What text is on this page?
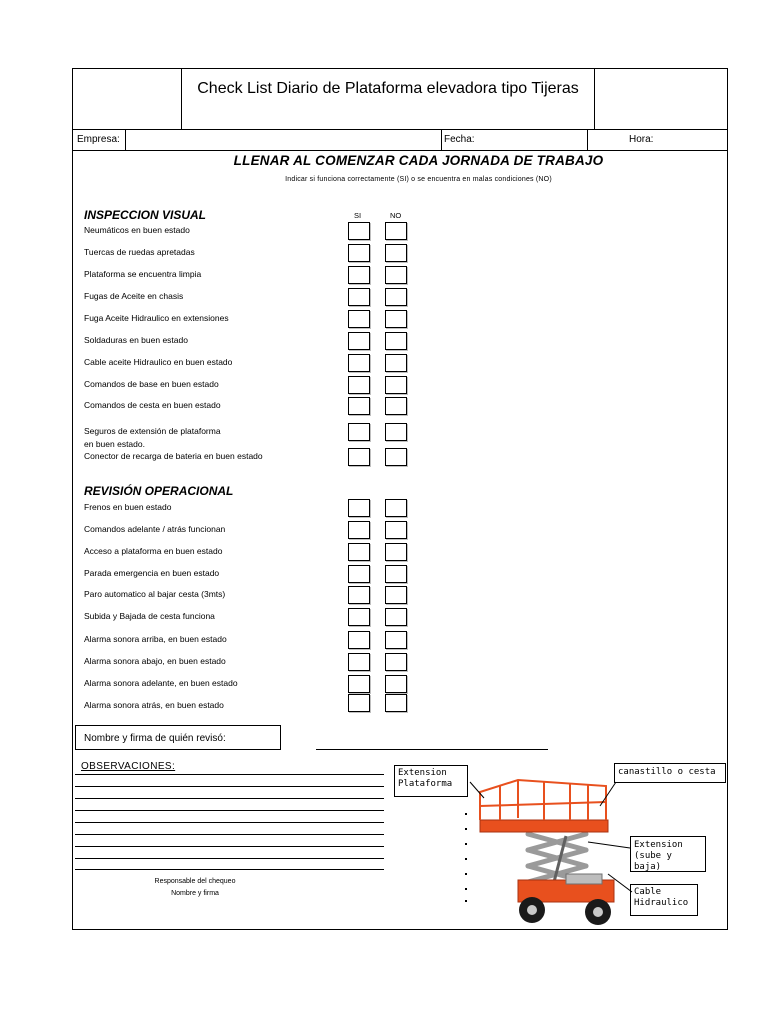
Check List Diario de Plataforma elevadora tipo Tijeras
Empresa:	Fecha:	Hora:
LLENAR AL COMENZAR CADA JORNADA DE TRABAJO
Indicar si funciona correctamente (SI) o se encuentra en malas condiciones (NO)
INSPECCION VISUAL	SI	NO
Neumáticos en buen estado
Tuercas de ruedas apretadas
Plataforma se encuentra limpia
Fugas de Aceite en chasis
Fuga Aceite Hidraulico en extensiones
Soldaduras en buen estado
Cable aceite Hidraulico en buen estado
Comandos de base en buen estado
Comandos de cesta en buen estado
Seguros de extensión de plataforma
en buen estado.
Conector de recarga de bateria en buen estado
REVISIÓN OPERACIONAL
Frenos en buen estado
Comandos adelante / atrás funcionan
Acceso a plataforma en buen estado
Parada emergencia en buen estado
Paro automatico al bajar cesta (3mts)
Subida y Bajada de cesta funciona
Alarma sonora arriba, en buen estado
Alarma sonora abajo, en buen estado
Alarma sonora adelante, en buen estado
Alarma sonora atrás, en buen estado
Nombre y firma de quién revisó:
OBSERVACIONES:
Responsable del chequeo
Nombre y firma
Extension
Plataforma
canastillo o cesta
Extension
(sube y baja)
Cable
Hidraulico
